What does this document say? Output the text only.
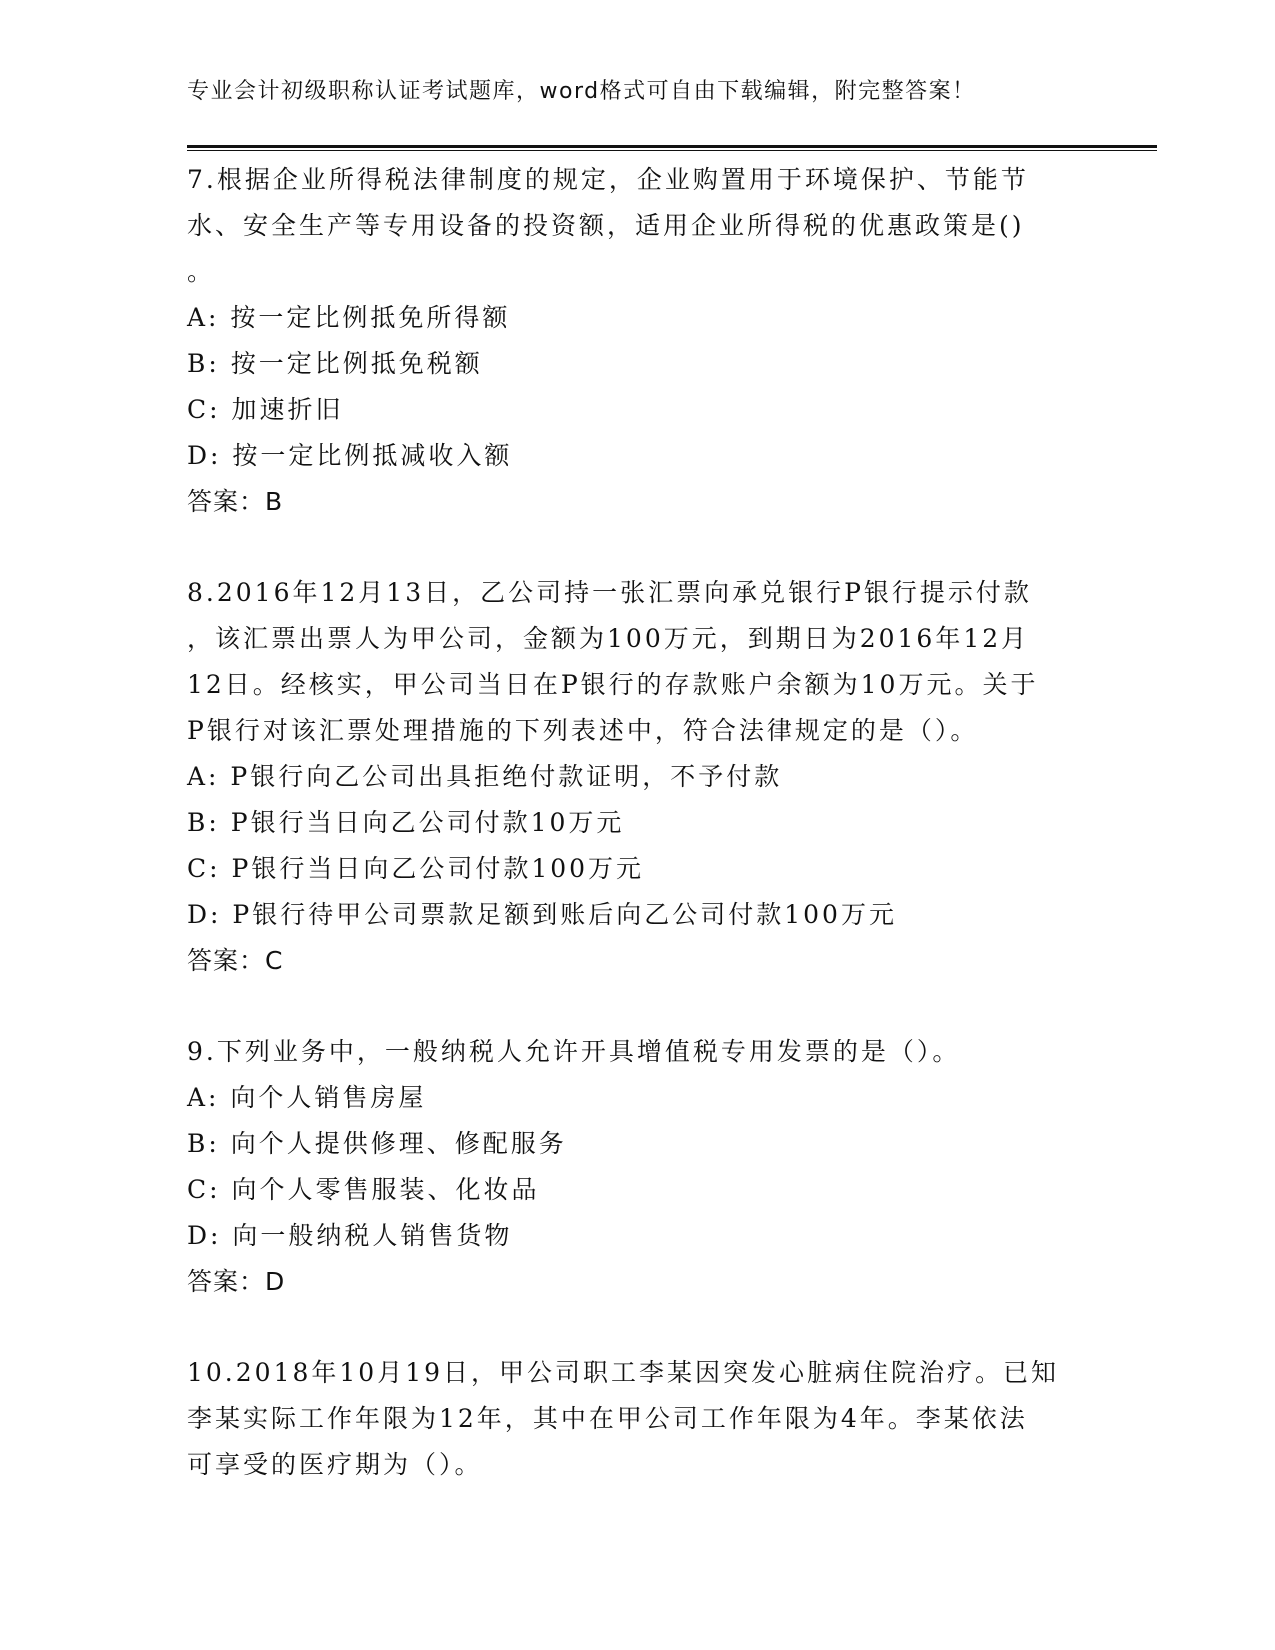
专业会计初级职称认证考试题库，word格式可自由下载编辑，附完整答案！

7.根据企业所得税法律制度的规定，企业购置用于环境保护、节能节

水、安全生产等专用设备的投资额，适用企业所得税的优惠政策是()

。

A: 按一定比例抵免所得额

B: 按一定比例抵免税额

C: 加速折旧

D: 按一定比例抵减收入额

答案：B

8.2016年12月13日，乙公司持一张汇票向承兑银行P银行提示付款

，该汇票出票人为甲公司，金额为100万元，到期日为2016年12月

12日。经核实，甲公司当日在P银行的存款账户余额为10万元。关于

P银行对该汇票处理措施的下列表述中，符合法律规定的是（）。

A: P银行向乙公司出具拒绝付款证明，不予付款

B: P银行当日向乙公司付款10万元

C: P银行当日向乙公司付款100万元

D: P银行待甲公司票款足额到账后向乙公司付款100万元

答案：C

9.下列业务中，一般纳税人允许开具增值税专用发票的是（）。

A: 向个人销售房屋

B: 向个人提供修理、修配服务

C: 向个人零售服装、化妆品

D: 向一般纳税人销售货物

答案：D

10.2018年10月19日，甲公司职工李某因突发心脏病住院治疗。已知

李某实际工作年限为12年，其中在甲公司工作年限为4年。李某依法

可享受的医疗期为（）。
